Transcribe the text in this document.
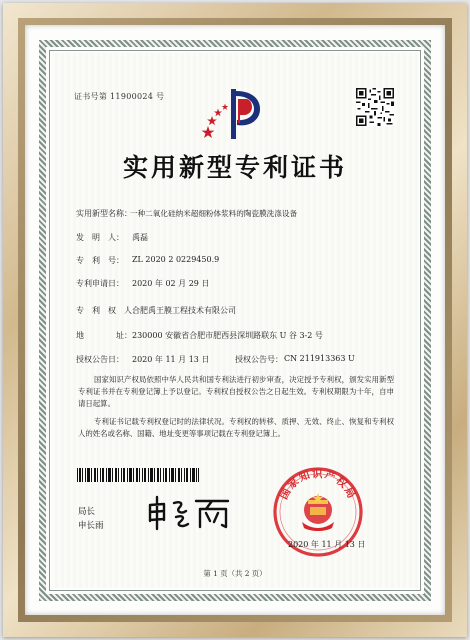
证书号第 11900024 号
实用新型专利证书
实用新型名称：
一种二氧化硅纳米超细粉体浆料的陶瓷膜洗涤设备
发　明　人： 禹磊
专　利　号： ZL 2020 2 0229450.9
专利申请日： 2020 年 02 月 29 日
专　利　权　人：
合肥禹王膜工程技术有限公司
地　　　　址： 230000 安徽省合肥市肥西县深圳路联东 U 谷 3-2 号
授权公告日： 2020 年 11 月 13 日	授权公告号： CN 211913363 U

国家知识产权局依照中华人民共和国专利法进行初步审查，决定授予专利权，颁发实用新型专利证书并在专利登记簿上予以登记。专利权自授权公告之日起生效。专利权期限为十年，自申请日起算。

专利证书记载专利权登记时的法律状况。专利权的转移、质押、无效、终止、恢复和专利权人的姓名或名称、国籍、地址变更等事项记载在专利登记簿上。

局长
申长雨
国家知识产权局
2020 年 11 月 13 日
第 1 页（共 2 页）
